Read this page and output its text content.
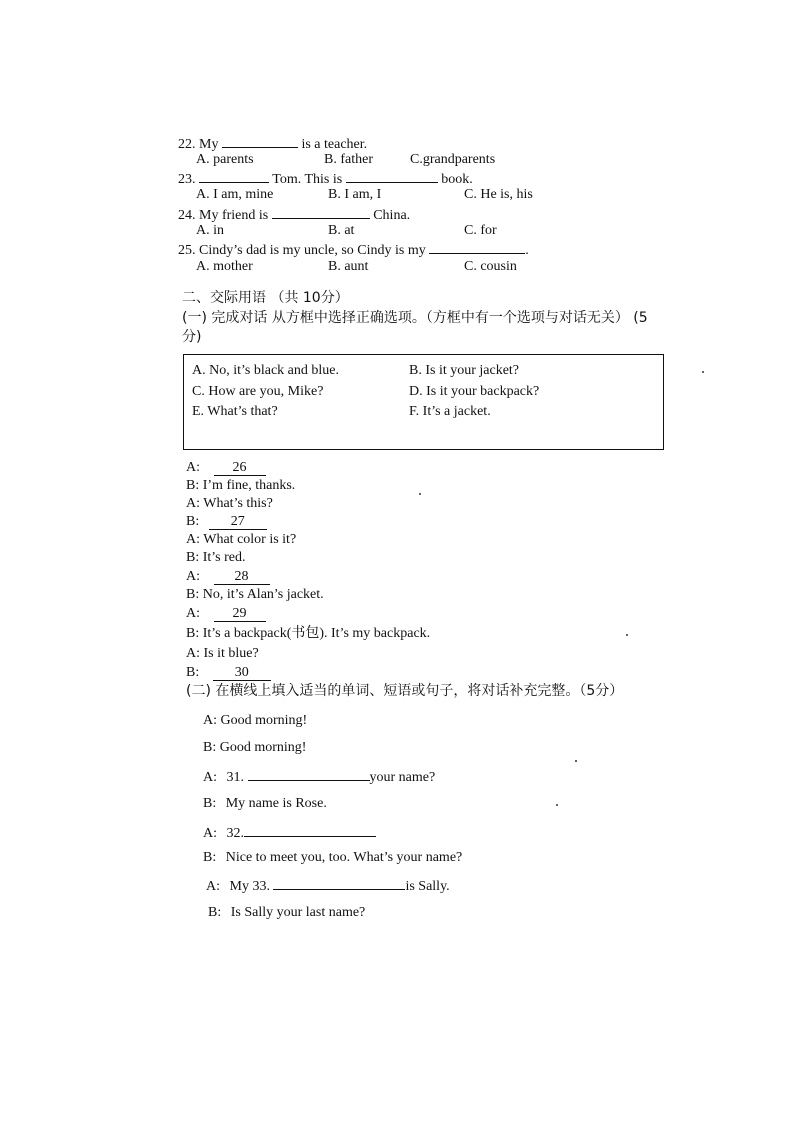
22. My	is a teacher.
A. parents	B. father	C.grandparents
23.	Tom. This is	book.
A. I am, mine	B. I am, I	C. He is, his
24. My friend is	China.
A. in	B. at	C. for
25. Cindy’s dad is my uncle, so Cindy is my	.
A. mother	B. aunt	C. cousin
二、交际用语 （共 10分）
(一) 完成对话 从方框中选择正确选项。（方框中有一个选项与对话无关） (5
分)
A. No, it’s black and blue.	B. Is it your jacket?
C. How are you, Mike?	D. Is it your backpack?
E. What’s that?	F. It’s a jacket.
A: 26
B: I’m fine, thanks.
A: What’s this?
B: 27
A: What color is it?
B: It’s red.
A: 28
B: No, it’s Alan’s jacket.
A: 29
B: It’s a backpack(书包). It’s my backpack.
A: Is it blue?
B:	30
(二) 在横线上填入适当的单词、短语或句子，将对话补充完整。（5分）
A: Good morning!
B: Good morning!
A: 31.	your name?
B: My name is Rose.
A: 32.
B: Nice to meet you, too. What’s your name?
A: My 33.	is Sally.
B: Is Sally your last name?
